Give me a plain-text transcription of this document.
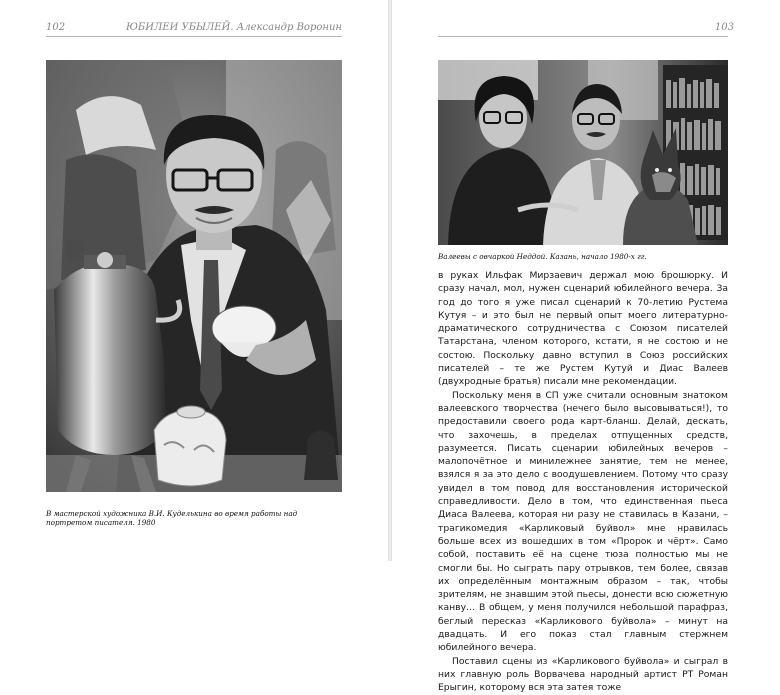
102	ЮБИЛЕИ УБЫЛЕЙ. Александр Воронин
В мастерской художника В.И. Куделькина во время работы над портретом писателя. 1980
103
Валеевы с овчаркой Неддой. Казань, начало 1980-х гг.

в руках Ильфак Мирзаевич держал мою брошюрку. И сразу начал, мол, нужен сценарий юбилейного вечера. За год до того я уже писал сценарий к 70-летию Рустема Кутуя – и это был не первый опыт моего литературно-драматического сотрудничества с Союзом писателей Татарстана, членом которого, кстати, я не состою и не состою. Поскольку давно вступил в Союз российских писателей – те же Рустем Кутуй и Диас Валеев (двухродные братья) писали мне рекомендации.

Поскольку меня в СП уже считали основным знатоком валеевского творчества (нечего было высовываться!), то предоставили своего рода карт-бланш. Делай, дескать, что захочешь, в пределах отпущенных средств, разумеется. Писать сценарии юбилейных вечеров – малопочётное и минилежнее занятие, тем не менее, взялся я за это дело с воодушевлением. Потому что сразу увидел в том повод для восстановления исторической справедливости. Дело в том, что единственная пьеса Диаса Валеева, которая ни разу не ставилась в Казани, – трагикомедия «Карликовый буйвол» мне нравилась больше всех из вошедших в том «Пророк и чёрт». Само собой, поставить её на сцене тюза полностью мы не смогли бы. Но сыграть пару отрывков, тем более, связав их определённым монтажным образом – так, чтобы зрителям, не знавшим этой пьесы, донести всю сюжетную канву… В общем, у меня получился небольшой парафраз, беглый пересказ «Карликового буйвола» – минут на двадцать. И его показ стал главным стержнем юбилейного вечера.

Поставил сцены из «Карликового буйвола» и сыграл в них главную роль Ворвачева народный артист РТ Роман Ерыгин, которому вся эта затея тоже
